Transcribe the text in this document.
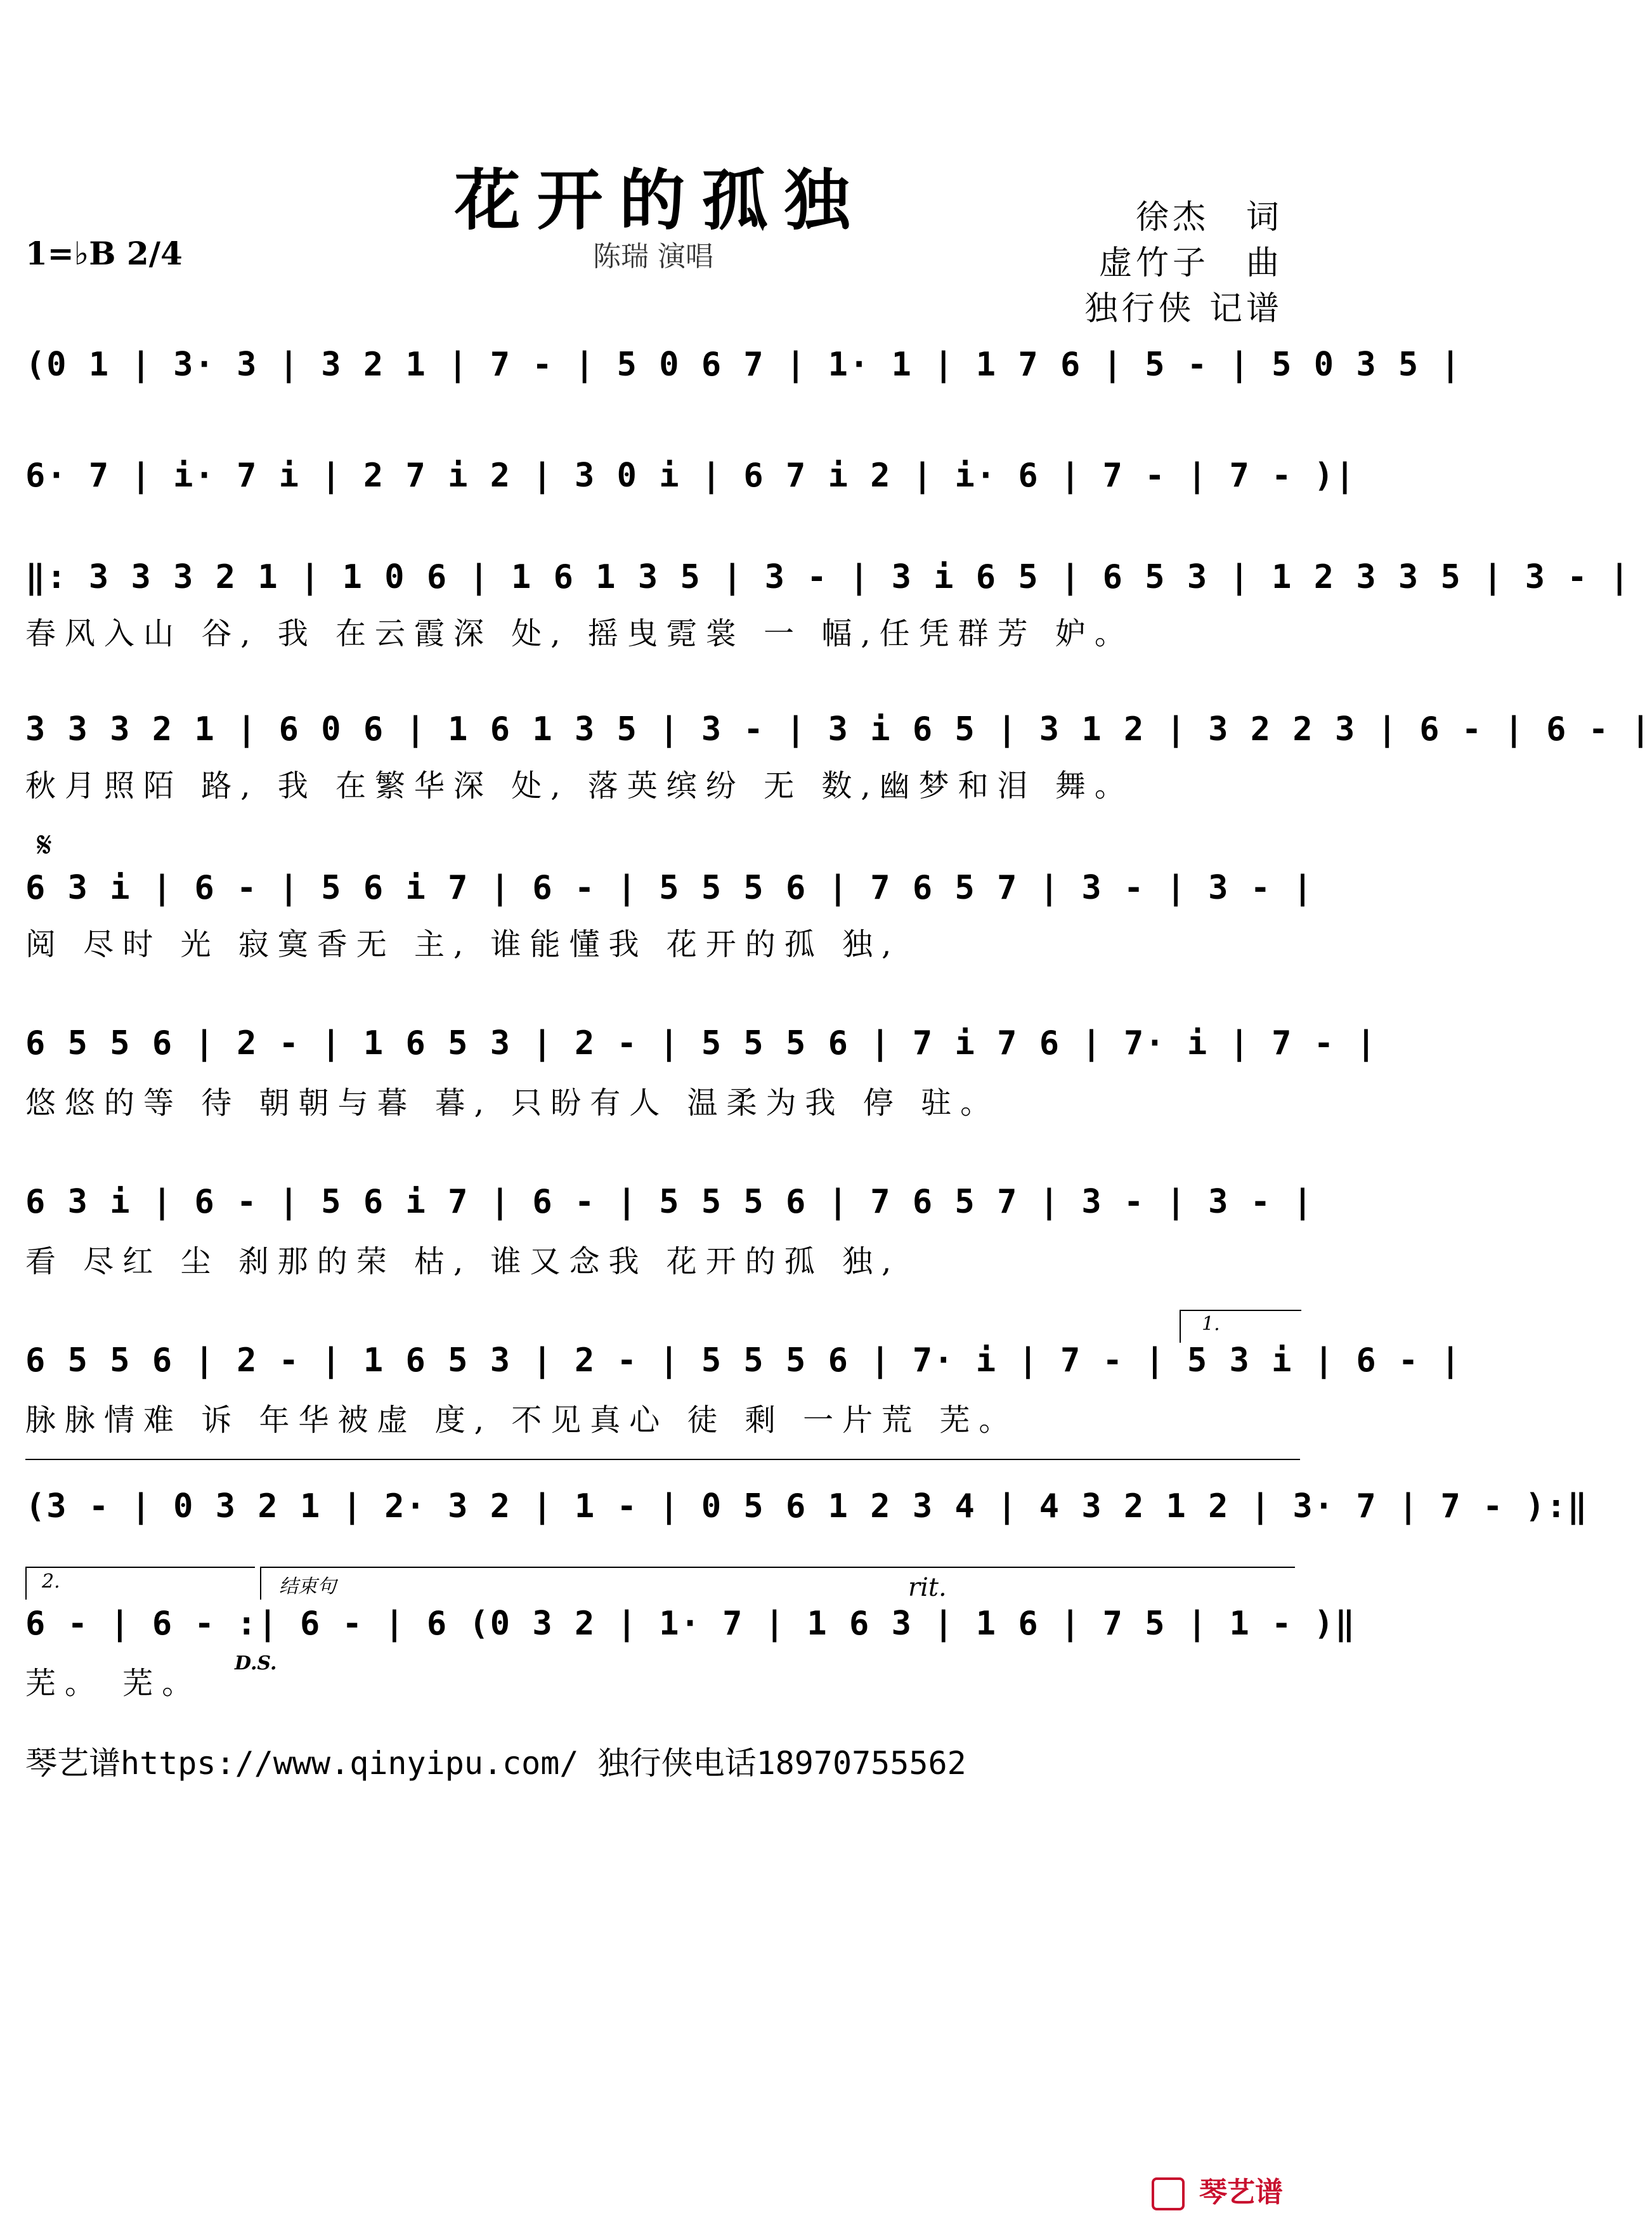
花开的孤独
陈瑞 演唱
1=♭B 2/4
徐杰　词
虚竹子　曲
独行侠 记谱
(0 1 | 3· 3 | 3 2 1 | 7 - | 5 0 6 7 | 1· 1 | 1 7 6 | 5 - | 5 0 3 5 |
6· 7 | i· 7 i | 2 7 i 2 | 3 0 i | 6 7 i 2 | i· 6 | 7 - | 7 - )|
‖: 3 3 3 2 1 | 1 0 6 | 1 6 1 3 5 | 3 - | 3 i 6 5 | 6 5 3 | 1 2 3 3 5 | 3 - |
春风入山 谷, 我 在云霞深 处, 摇曳霓裳 一 幅,任凭群芳 妒。
3 3 3 2 1 | 6 0 6 | 1 6 1 3 5 | 3 - | 3 i 6 5 | 3 1 2 | 3 2 2 3 | 6 - | 6 - |
秋月照陌 路, 我 在繁华深 处, 落英缤纷 无 数,幽梦和泪 舞。
𝄋
6 3 i | 6 - | 5 6 i 7 | 6 - | 5 5 5 6 | 7 6 5 7 | 3 - | 3 - |
阅 尽时 光 寂寞香无 主, 谁能懂我 花开的孤 独,
6 5 5 6 | 2 - | 1 6 5 3 | 2 - | 5 5 5 6 | 7 i 7 6 | 7· i | 7 - |
悠悠的等 待 朝朝与暮 暮, 只盼有人 温柔为我 停 驻。
6 3 i | 6 - | 5 6 i 7 | 6 - | 5 5 5 6 | 7 6 5 7 | 3 - | 3 - |
看 尽红 尘 刹那的荣 枯, 谁又念我 花开的孤 独,
1.
6 5 5 6 | 2 - | 1 6 5 3 | 2 - | 5 5 5 6 | 7· i | 7 - | 5 3 i | 6 - |
脉脉情难 诉 年华被虚 度, 不见真心 徒 剩 一片荒 芜。
(3 - | 0 3 2 1 | 2· 3 2 | 1 - | 0 5 6 1 2 3 4 | 4 3 2 1 2 | 3· 7 | 7 - ):‖
2.	结束句	rit.
6 - | 6 - :| 6 - | 6 (0 3 2 | 1· 7 | 1 6 3 | 1 6 | 7 5 | 1 - )‖
芜。 芜。
D.S.
琴艺谱https://www.qinyipu.com/ 独行侠电话18970755562
琴艺谱
